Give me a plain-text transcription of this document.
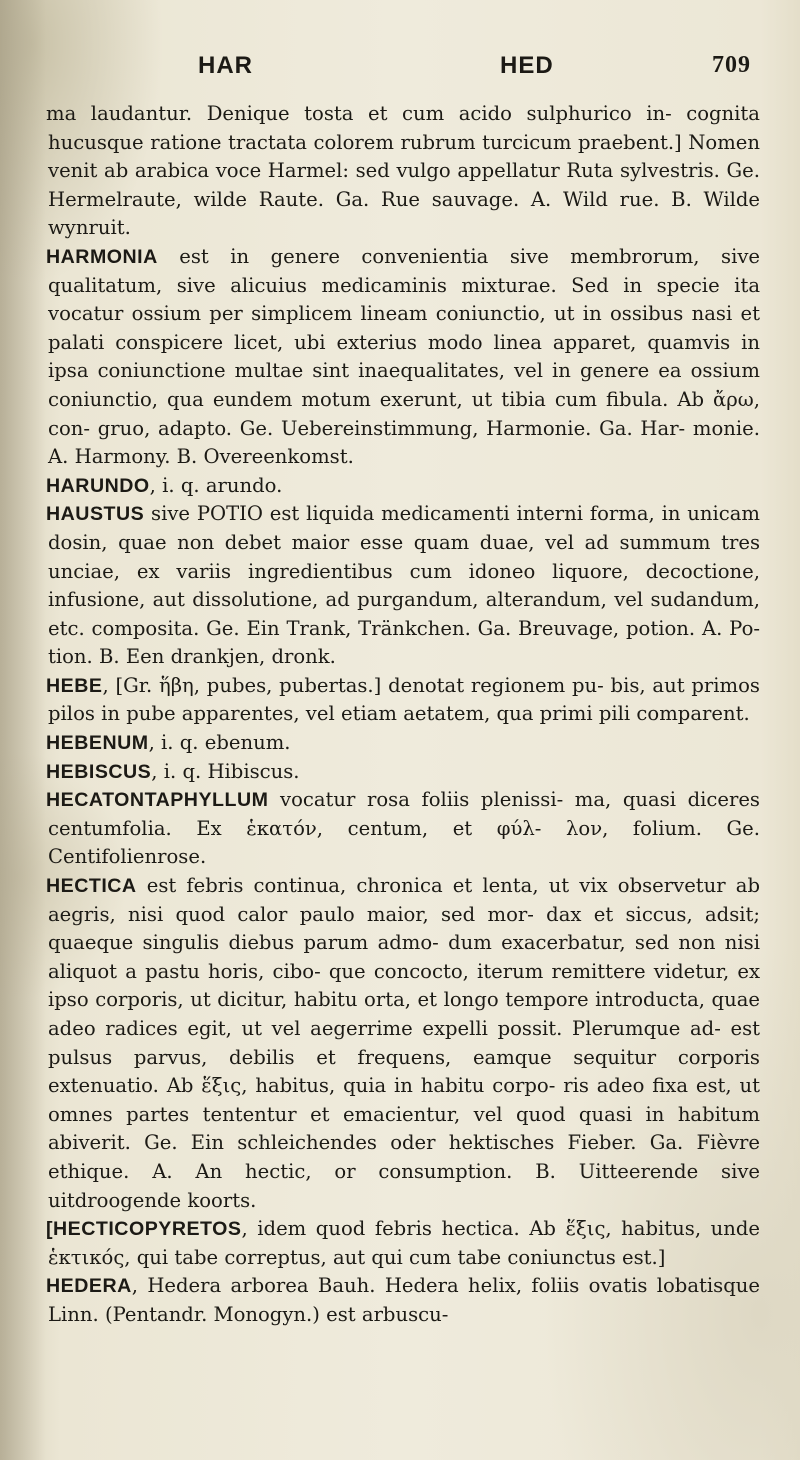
HAR	HED	709

ma laudantur. Denique tosta et cum acido sulphurico in- cognita hucusque ratione tractata colorem rubrum turcicum praebent.] Nomen venit ab arabica voce Harmel: sed vulgo appellatur Ruta sylvestris. Ge. Hermelraute, wilde Raute. Ga. Rue sauvage. A. Wild rue. B. Wilde wynruit.

HARMONIA est in genere convenientia sive membrorum, sive qualitatum, sive alicuius medicaminis mixturae. Sed in specie ita vocatur ossium per simplicem lineam coniunctio, ut in ossibus nasi et palati conspicere licet, ubi exterius modo linea apparet, quamvis in ipsa coniunctione multae sint inaequalitates, vel in genere ea ossium coniunctio, qua eundem motum exerunt, ut tibia cum fibula. Ab ἄρω, con- gruo, adapto. Ge. Uebereinstimmung, Harmonie. Ga. Har- monie. A. Harmony. B. Overeenkomst.

HARUNDO, i. q. arundo.

HAUSTUS sive POTIO est liquida medicamenti interni forma, in unicam dosin, quae non debet maior esse quam duae, vel ad summum tres unciae, ex variis ingredientibus cum idoneo liquore, decoctione, infusione, aut dissolutione, ad purgandum, alterandum, vel sudandum, etc. composita. Ge. Ein Trank, Tränkchen. Ga. Breuvage, potion. A. Po- tion. B. Een drankjen, dronk.

HEBE, [Gr. ἥβη, pubes, pubertas.] denotat regionem pu- bis, aut primos pilos in pube apparentes, vel etiam aetatem, qua primi pili comparent.

HEBENUM, i. q. ebenum.

HEBISCUS, i. q. Hibiscus.

HECATONTAPHYLLUM vocatur rosa foliis plenissi- ma, quasi diceres centumfolia. Ex ἑκατόν, centum, et φύλ- λον, folium. Ge. Centifolienrose.

HECTICA est febris continua, chronica et lenta, ut vix observetur ab aegris, nisi quod calor paulo maior, sed mor- dax et siccus, adsit; quaeque singulis diebus parum admo- dum exacerbatur, sed non nisi aliquot a pastu horis, cibo- que concocto, iterum remittere videtur, ex ipso corporis, ut dicitur, habitu orta, et longo tempore introducta, quae adeo radices egit, ut vel aegerrime expelli possit. Plerumque ad- est pulsus parvus, debilis et frequens, eamque sequitur corporis extenuatio. Ab ἕξις, habitus, quia in habitu corpo- ris adeo fixa est, ut omnes partes tententur et emacientur, vel quod quasi in habitum abiverit. Ge. Ein schleichendes oder hektisches Fieber. Ga. Fièvre ethique. A. An hectic, or consumption. B. Uitteerende sive uitdroogende koorts.

[HECTICOPYRETOS, idem quod febris hectica. Ab ἕξις, habitus, unde ἑκτικός, qui tabe correptus, aut qui cum tabe coniunctus est.]

HEDERA, Hedera arborea Bauh. Hedera helix, foliis ovatis lobatisque Linn. (Pentandr. Monogyn.) est arbuscu-
